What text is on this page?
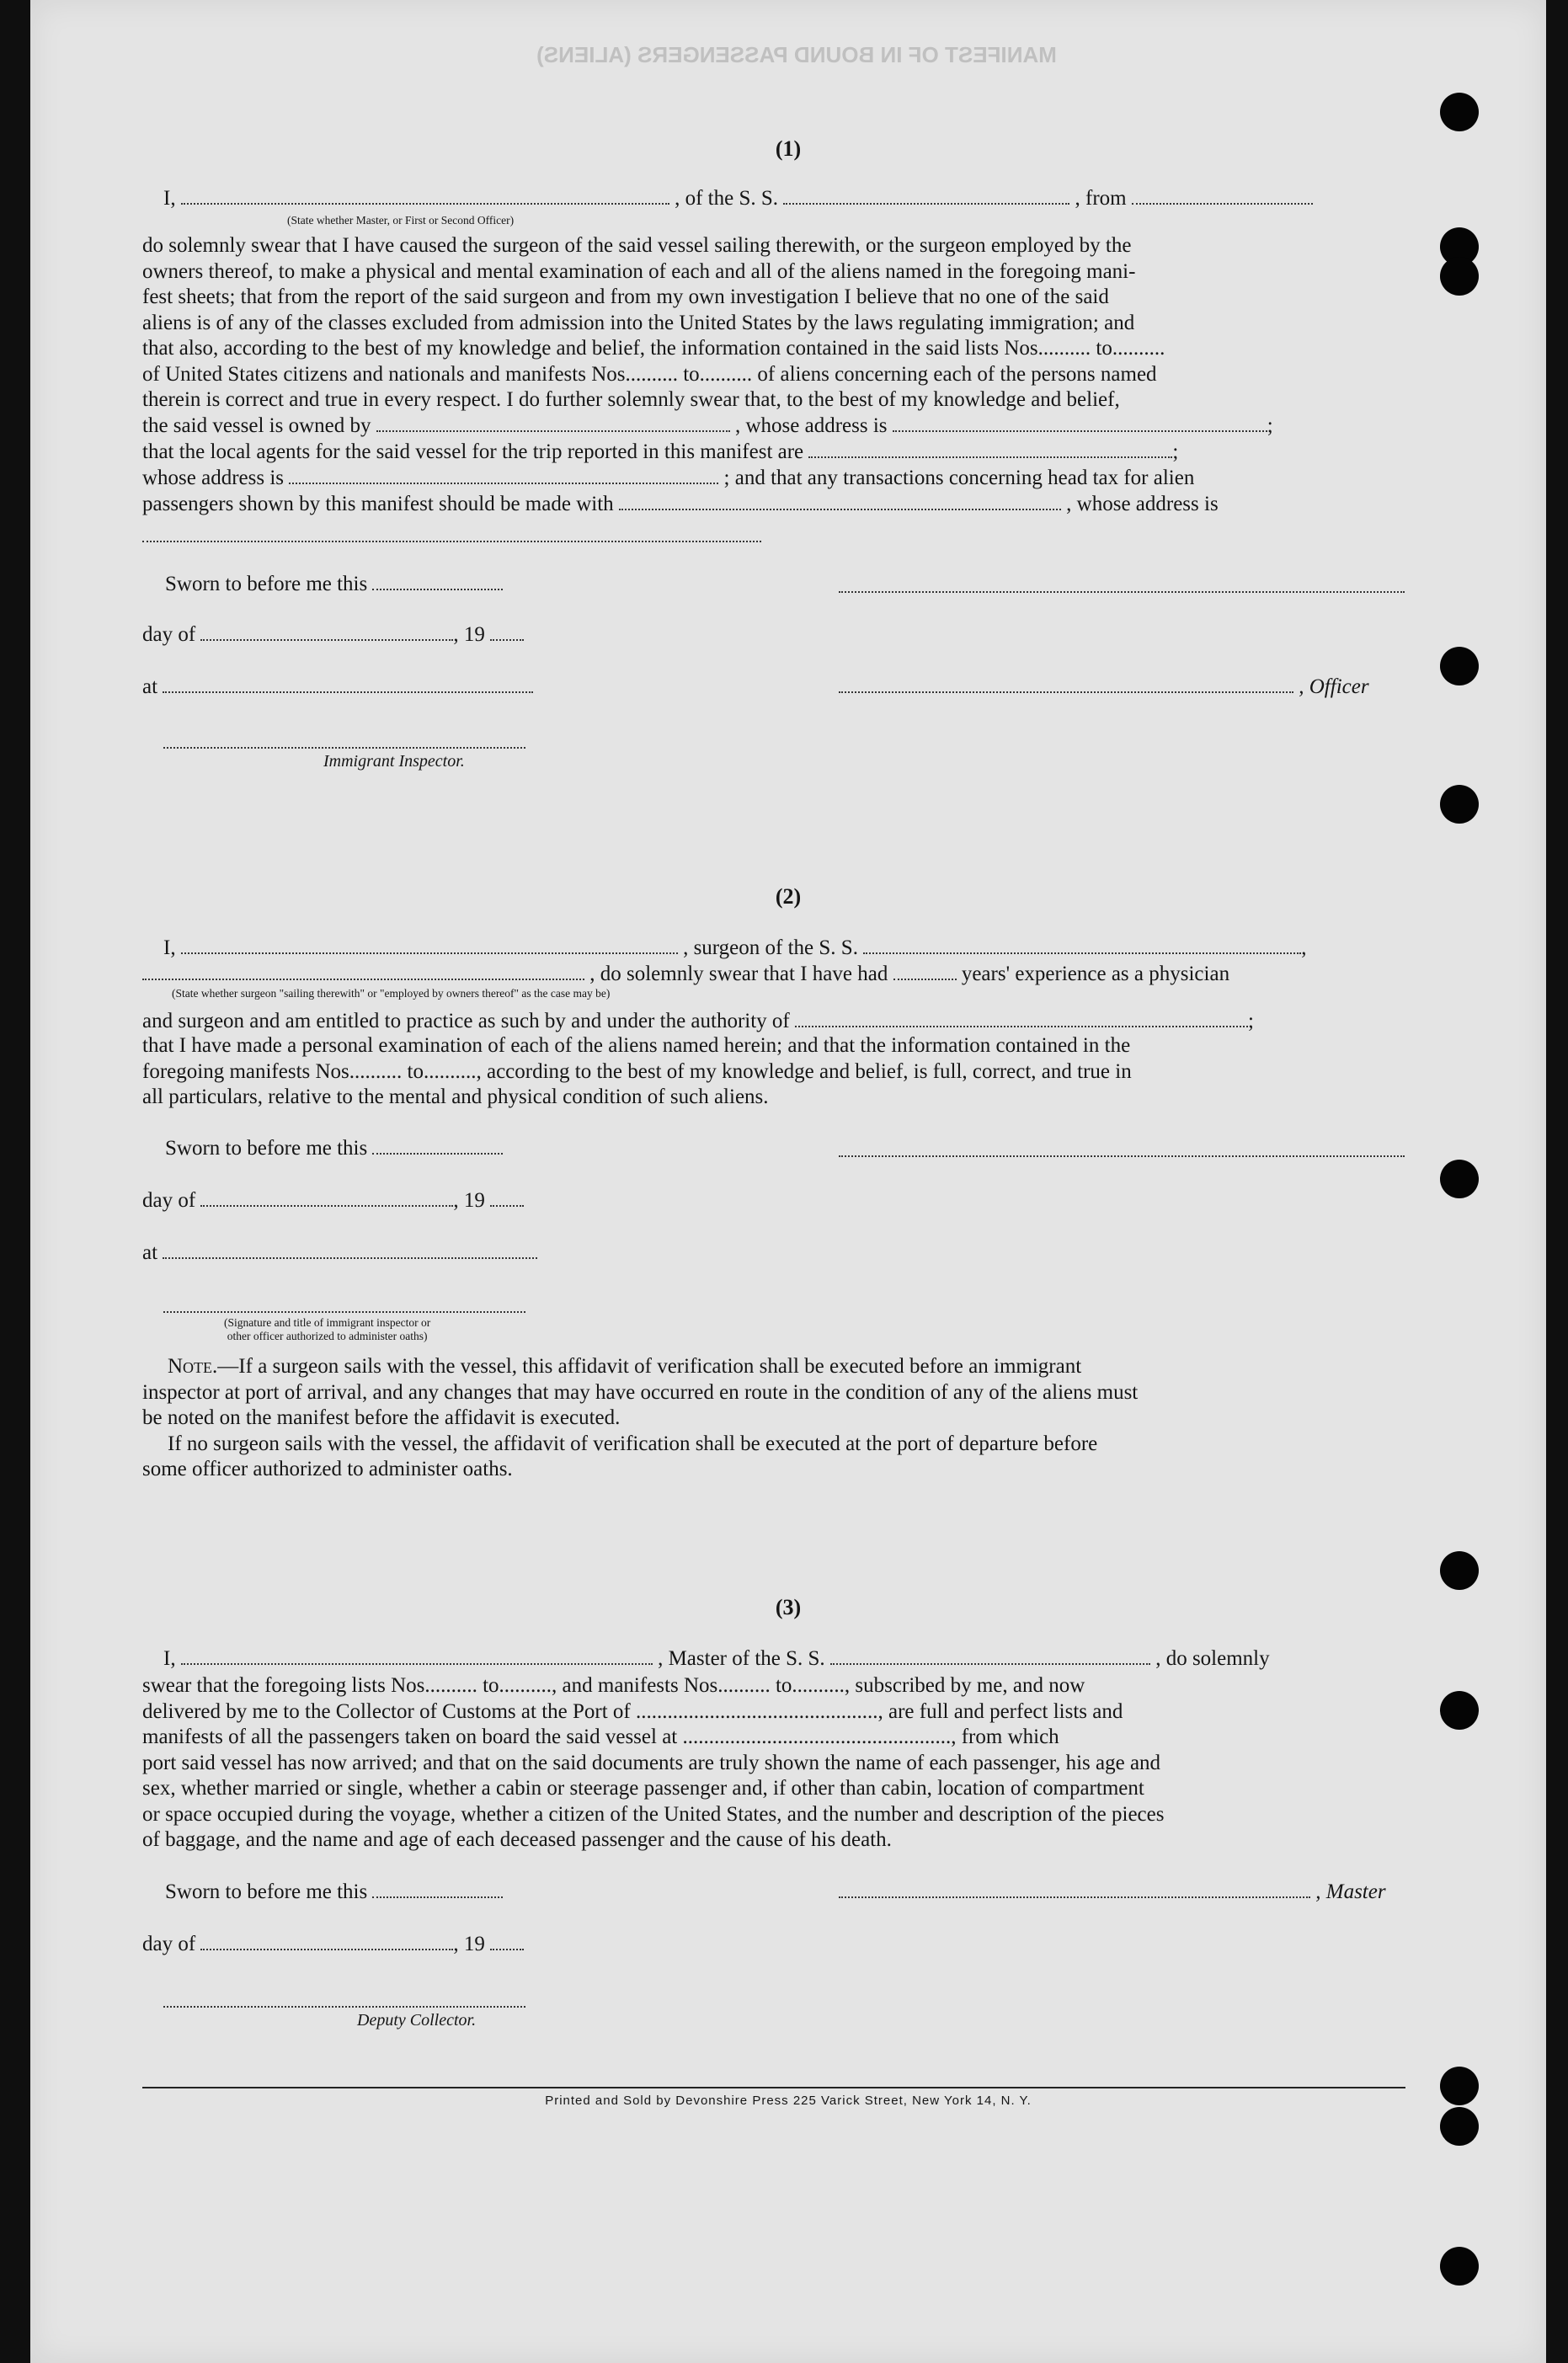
MANIFEST OF IN BOUND PASSENGERS (ALIENS)
(1)
I,	, of the S. S.	, from
(State whether Master, or First or Second Officer)

do solemnly swear that I have caused the surgeon of the said vessel sailing therewith, or the surgeon employed by the

owners thereof, to make a physical and mental examination of each and all of the aliens named in the foregoing mani-

fest sheets; that from the report of the said surgeon and from my own investigation I believe that no one of the said

aliens is of any of the classes excluded from admission into the United States by the laws regulating immigration; and

that also, according to the best of my knowledge and belief, the information contained in the said lists Nos.......... to..........

of United States citizens and nationals and manifests Nos.......... to.......... of aliens concerning each of the persons named

therein is correct and true in every respect. I do further solemnly swear that, to the best of my knowledge and belief,

the said vessel is owned by	, whose address is	;
that the local agents for the said vessel for the trip reported in this manifest are	;
whose address is	; and that any transactions concerning head tax for alien
passengers shown by this manifest should be made with	, whose address is
Sworn to before me this
day of	, 19
at	, Officer
Immigrant Inspector.
(2)
I,	, surgeon of the S. S.	,
, do solemnly swear that I have had	years' experience as a physician
(State whether surgeon "sailing therewith" or "employed by owners thereof" as the case may be)
and surgeon and am entitled to practice as such by and under the authority of	;

that I have made a personal examination of each of the aliens named herein; and that the information contained in the

foregoing manifests Nos.......... to.........., according to the best of my knowledge and belief, is full, correct, and true in

all particulars, relative to the mental and physical condition of such aliens.

Sworn to before me this
day of	, 19
at
(Signature and title of immigrant inspector or
other officer authorized to administer oaths)

Note.—If a surgeon sails with the vessel, this affidavit of verification shall be executed before an immigrant

inspector at port of arrival, and any changes that may have occurred en route in the condition of any of the aliens must

be noted on the manifest before the affidavit is executed.

If no surgeon sails with the vessel, the affidavit of verification shall be executed at the port of departure before

some officer authorized to administer oaths.

(3)
I,	, Master of the S. S.	, do solemnly

swear that the foregoing lists Nos.......... to.........., and manifests Nos.......... to.........., subscribed by me, and now

delivered by me to the Collector of Customs at the Port of .............................................., are full and perfect lists and

manifests of all the passengers taken on board the said vessel at ..................................................., from which

port said vessel has now arrived; and that on the said documents are truly shown the name of each passenger, his age and

sex, whether married or single, whether a cabin or steerage passenger and, if other than cabin, location of compartment

or space occupied during the voyage, whether a citizen of the United States, and the number and description of the pieces

of baggage, and the name and age of each deceased passenger and the cause of his death.

Sworn to before me this	, Master
day of	, 19
Deputy Collector.
Printed and Sold by Devonshire Press 225 Varick Street, New York 14, N. Y.
